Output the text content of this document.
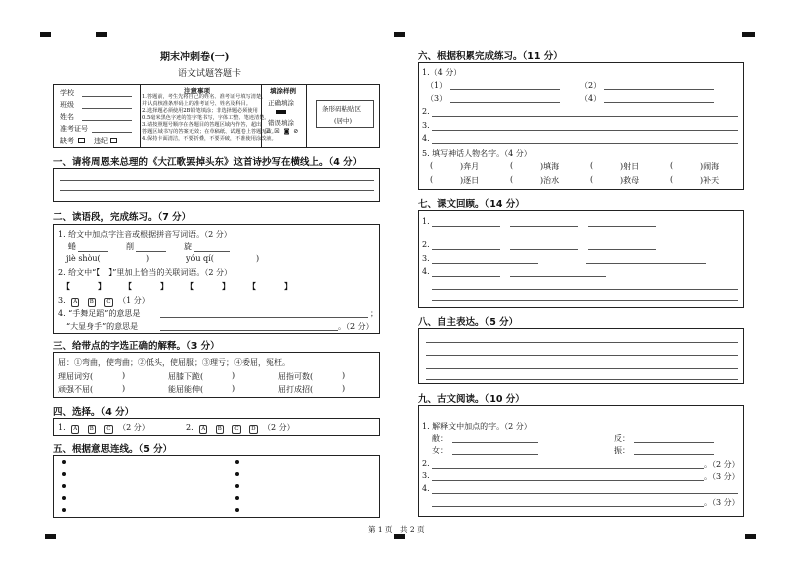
期末冲刺卷(一)
语文试题答题卡
学校
班级
姓名
准考证号
缺考	违纪
注意事项
1.答题前，考生先将自己的姓名、准考证号填写清楚，
并认真核准条形码上的准考证号、姓名及科目。
2.选择题必须使用2B铅笔填涂；非选择题必须使用
0.5毫米黑色字迹的签字笔书写，字体工整、笔迹清楚。
3.请按照题号顺序在各题目的答题区域内作答，超出
答题区域书写的答案无效；在草稿纸、试题卷上答题无效。
4.保持卡面清洁，不要折叠，不要弄破，不准使用涂改液。
填涂样例
正确填涂
错误填涂
☑ ☒ ◙ ⊘
条形码粘贴区
(居中)
一、请将周恩来总理的《大江歌罢掉头东》这首诗抄写在横线上。（4 分）
二、读语段，完成练习。（7 分）
1. 给文中加点字注音或根据拼音写词语。（2 分）
蜷	削	旋
jiè shòu(	)	yóu qí(	)
2. 给文中“【　】”里加上恰当的关联词语。（2 分）
【	】 【	】 【	】 【	】
3. A B C （1 分）
4. “手舞足蹈”的意思是	；
“大显身手”的意思是	。（2 分）
三、给带点的字选正确的解释。（3 分）
屈：①弯曲，使弯曲；②低头，使屈服；③理亏；④委屈，冤枉。
理屈词穷(	)	屈膝下跪(	)	屈指可数(	)
顽强不屈(	)	能屈能伸(	)	屈打成招(	)
四、选择。（4 分）
1. A B C （2 分）	2. A B C D （2 分）
五、根据意思连线。（5 分）
六、根据积累完成练习。（11 分）
1.（4 分）
（1）	（2）
（3）	（4）
2.
3.
4.
5. 填写神话人物名字。（4 分）
(	)奔月	(	)填海	(	)射日	(	)闹海
(	)逐日	(	)治水	(	)救母	(	)补天
七、课文回顾。（14 分）
1.
2.
3.
4.
八、自主表达。（5 分）
九、古文阅读。（10 分）
1. 解释文中加点的字。（2 分）
敝：	反：
女：	振：
2.	。（2 分）
3.	。（3 分）
4.
。（3 分）
第 1 页　共 2 页
